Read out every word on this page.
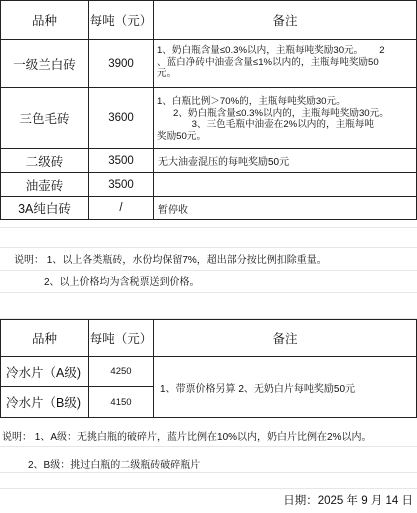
品种	每吨（元）	备注
一级兰白砖	3900
1、奶白瓶含量≤0.3%以内，主瓶每吨奖励30元。      2
、蓝白净砖中油壶含量≤1%以内的，主瓶每吨奖励50
元。
三色毛砖	3600
1、白瓶比例＞70%的，主瓶每吨奖励30元。
2、奶白瓶含量≤0.3%以内的，主瓶每吨奖励30元。
3、三色毛瓶中油壶在2%以内的，主瓶每吨
奖励50元。
二级砖	3500	无大油壶混压的每吨奖励50元
油壶砖	3500
3A纯白砖	/	暂停收
说明： 1、以上各类瓶砖，水份均保留7%，超出部分按比例扣除重量。
2、以上价格均为含税票送到价格。
品种	每吨（元）	备注
冷水片（A级)	4250
冷水片（B级)	4150
1、带票价格另算 2、无奶白片每吨奖励50元
说明： 1、A级：无挑白瓶的破碎片，蓝片比例在10%以内，奶白片比例在2%以内。
2、B级：挑过白瓶的二级瓶砖破碎瓶片
日期：2025 年 9 月 14 日
